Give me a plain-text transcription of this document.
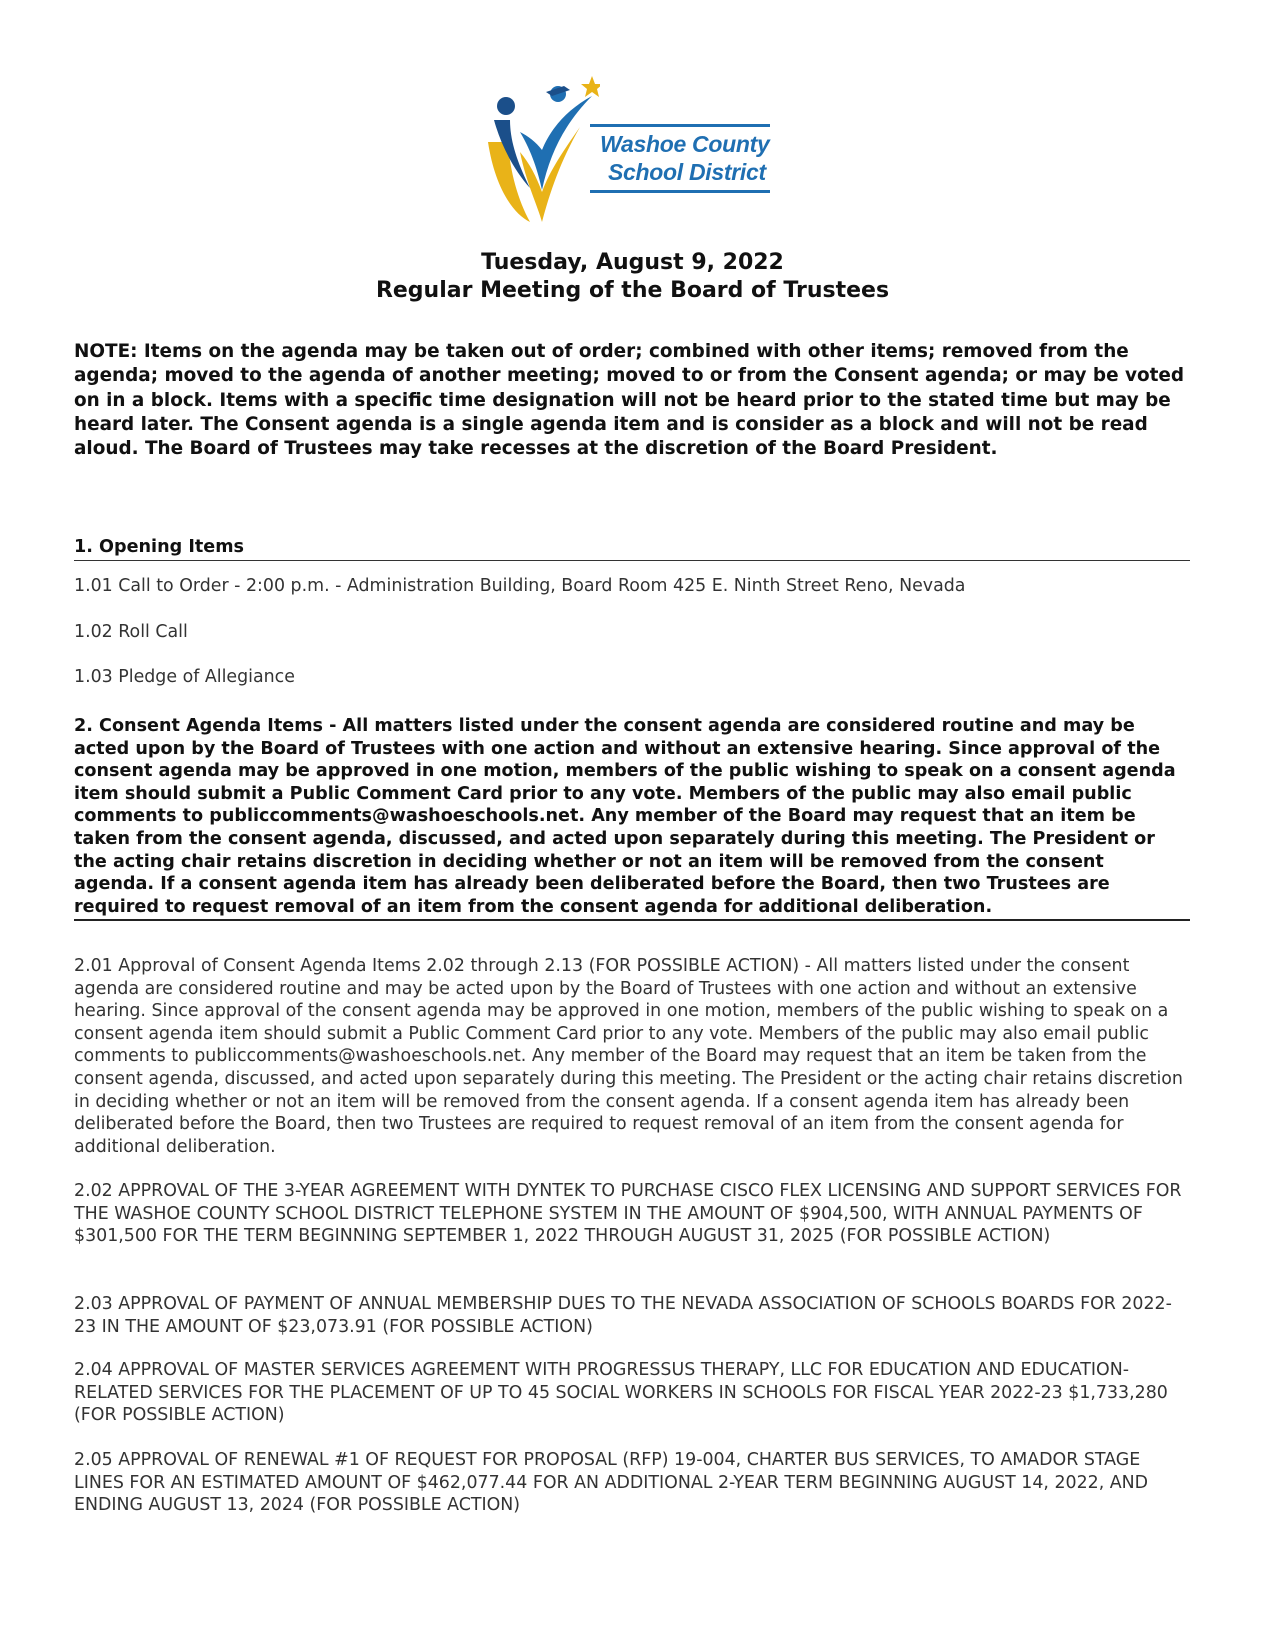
Washoe County
School District
Tuesday, August 9, 2022
Regular Meeting of the Board of Trustees
NOTE: Items on the agenda may be taken out of order; combined with other items; removed from the agenda; moved to the agenda of another meeting; moved to or from the Consent agenda; or may be voted on in a block. Items with a specific time designation will not be heard prior to the stated time but may be heard later. The Consent agenda is a single agenda item and is consider as a block and will not be read aloud. The Board of Trustees may take recesses at the discretion of the Board President.
1. Opening Items
1.01 Call to Order - 2:00 p.m. - Administration Building, Board Room 425 E. Ninth Street Reno, Nevada
1.02 Roll Call
1.03 Pledge of Allegiance
2. Consent Agenda Items - All matters listed under the consent agenda are considered routine and may be acted upon by the Board of Trustees with one action and without an extensive hearing. Since approval of the consent agenda may be approved in one motion, members of the public wishing to speak on a consent agenda item should submit a Public Comment Card prior to any vote. Members of the public may also email public comments to publiccomments@washoeschools.net. Any member of the Board may request that an item be taken from the consent agenda, discussed, and acted upon separately during this meeting. The President or the acting chair retains discretion in deciding whether or not an item will be removed from the consent agenda. If a consent agenda item has already been deliberated before the Board, then two Trustees are required to request removal of an item from the consent agenda for additional deliberation.
2.01 Approval of Consent Agenda Items 2.02 through 2.13 (FOR POSSIBLE ACTION) - All matters listed under the consent agenda are considered routine and may be acted upon by the Board of Trustees with one action and without an extensive hearing. Since approval of the consent agenda may be approved in one motion, members of the public wishing to speak on a consent agenda item should submit a Public Comment Card prior to any vote. Members of the public may also email public comments to publiccomments@washoeschools.net. Any member of the Board may request that an item be taken from the consent agenda, discussed, and acted upon separately during this meeting. The President or the acting chair retains discretion in deciding whether or not an item will be removed from the consent agenda. If a consent agenda item has already been deliberated before the Board, then two Trustees are required to request removal of an item from the consent agenda for additional deliberation.
2.02 APPROVAL OF THE 3-YEAR AGREEMENT WITH DYNTEK TO PURCHASE CISCO FLEX LICENSING AND SUPPORT SERVICES FOR THE WASHOE COUNTY SCHOOL DISTRICT TELEPHONE SYSTEM IN THE AMOUNT OF $904,500, WITH ANNUAL PAYMENTS OF $301,500 FOR THE TERM BEGINNING SEPTEMBER 1, 2022 THROUGH AUGUST 31, 2025 (FOR POSSIBLE ACTION)
2.03 APPROVAL OF PAYMENT OF ANNUAL MEMBERSHIP DUES TO THE NEVADA ASSOCIATION OF SCHOOLS BOARDS FOR 2022-23 IN THE AMOUNT OF $23,073.91 (FOR POSSIBLE ACTION)
2.04 APPROVAL OF MASTER SERVICES AGREEMENT WITH PROGRESSUS THERAPY, LLC FOR EDUCATION AND EDUCATION-RELATED SERVICES FOR THE PLACEMENT OF UP TO 45 SOCIAL WORKERS IN SCHOOLS FOR FISCAL YEAR 2022-23 $1,733,280 (FOR POSSIBLE ACTION)
2.05 APPROVAL OF RENEWAL #1 OF REQUEST FOR PROPOSAL (RFP) 19-004, CHARTER BUS SERVICES, TO AMADOR STAGE LINES FOR AN ESTIMATED AMOUNT OF $462,077.44 FOR AN ADDITIONAL 2-YEAR TERM BEGINNING AUGUST 14, 2022, AND ENDING AUGUST 13, 2024 (FOR POSSIBLE ACTION)
